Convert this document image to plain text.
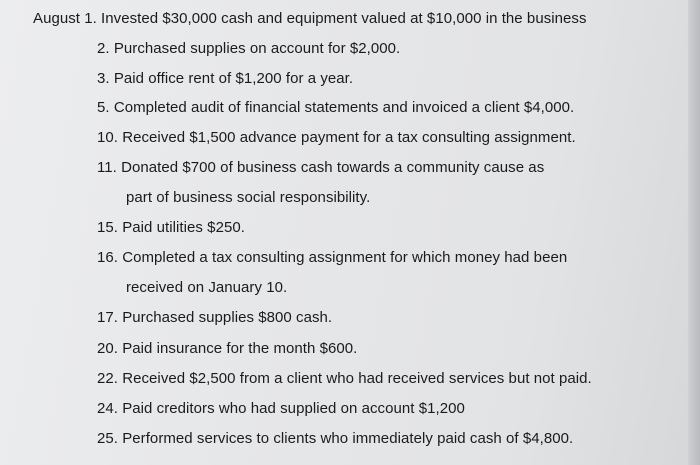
August 1. Invested $30,000 cash and equipment valued at $10,000 in the business
2. Purchased supplies on account for $2,000.
3. Paid office rent of $1,200 for a year.
5. Completed audit of financial statements and invoiced a client $4,000.
10. Received $1,500 advance payment for a tax consulting assignment.
11. Donated $700 of business cash towards a community cause as
part of business social responsibility.
15. Paid utilities $250.
16. Completed a tax consulting assignment for which money had been
received on January 10.
17. Purchased supplies $800 cash.
20. Paid insurance for the month $600.
22. Received $2,500 from a client who had received services but not paid.
24. Paid creditors who had supplied on account $1,200
25. Performed services to clients who immediately paid cash of $4,800.
